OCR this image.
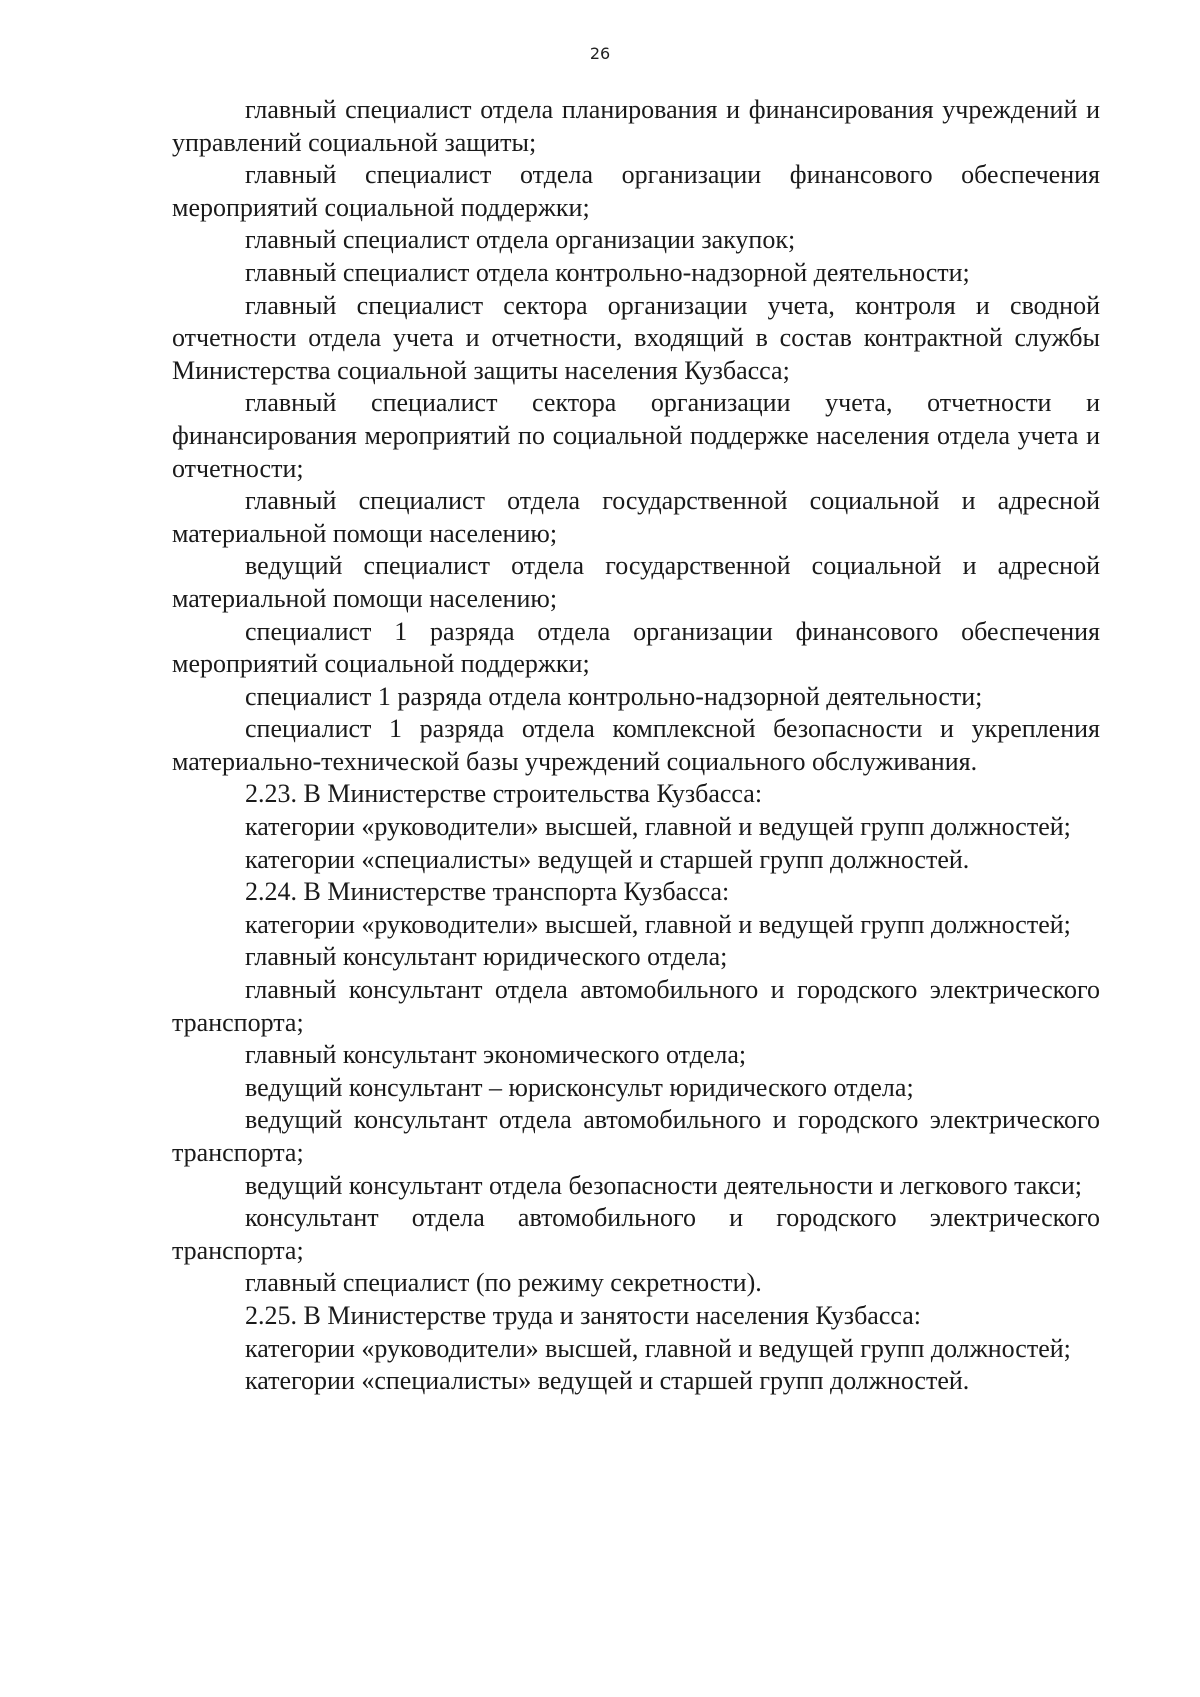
26

главный специалист отдела планирования и финансирования учреждений и управлений социальной защиты;

главный специалист отдела организации финансового обеспечения мероприятий социальной поддержки;

главный специалист отдела организации закупок;

главный специалист отдела контрольно-надзорной деятельности;

главный специалист сектора организации учета, контроля и сводной отчетности отдела учета и отчетности, входящий в состав контрактной службы Министерства социальной защиты населения Кузбасса;

главный специалист сектора организации учета, отчетности и финансирования мероприятий по социальной поддержке населения отдела учета и отчетности;

главный специалист отдела государственной социальной и адресной материальной помощи населению;

ведущий специалист отдела государственной социальной и адресной материальной помощи населению;

специалист 1 разряда отдела организации финансового обеспечения мероприятий социальной поддержки;

специалист 1 разряда отдела контрольно-надзорной деятельности;

специалист 1 разряда отдела комплексной безопасности и укрепления материально-технической базы учреждений социального обслуживания.

2.23. В Министерстве строительства Кузбасса:

категории «руководители» высшей, главной и ведущей групп должностей;

категории «специалисты» ведущей и старшей групп должностей.

2.24. В Министерстве транспорта Кузбасса:

категории «руководители» высшей, главной и ведущей групп должностей;

главный консультант юридического отдела;

главный консультант отдела автомобильного и городского электрического транспорта;

главный консультант экономического отдела;

ведущий консультант – юрисконсульт юридического отдела;

ведущий консультант отдела автомобильного и городского электрического транспорта;

ведущий консультант отдела безопасности деятельности и легкового такси;

консультант отдела автомобильного и городского электрического транспорта;

главный специалист (по режиму секретности).

2.25. В Министерстве труда и занятости населения Кузбасса:

категории «руководители» высшей, главной и ведущей групп должностей;

категории «специалисты» ведущей и старшей групп должностей.
